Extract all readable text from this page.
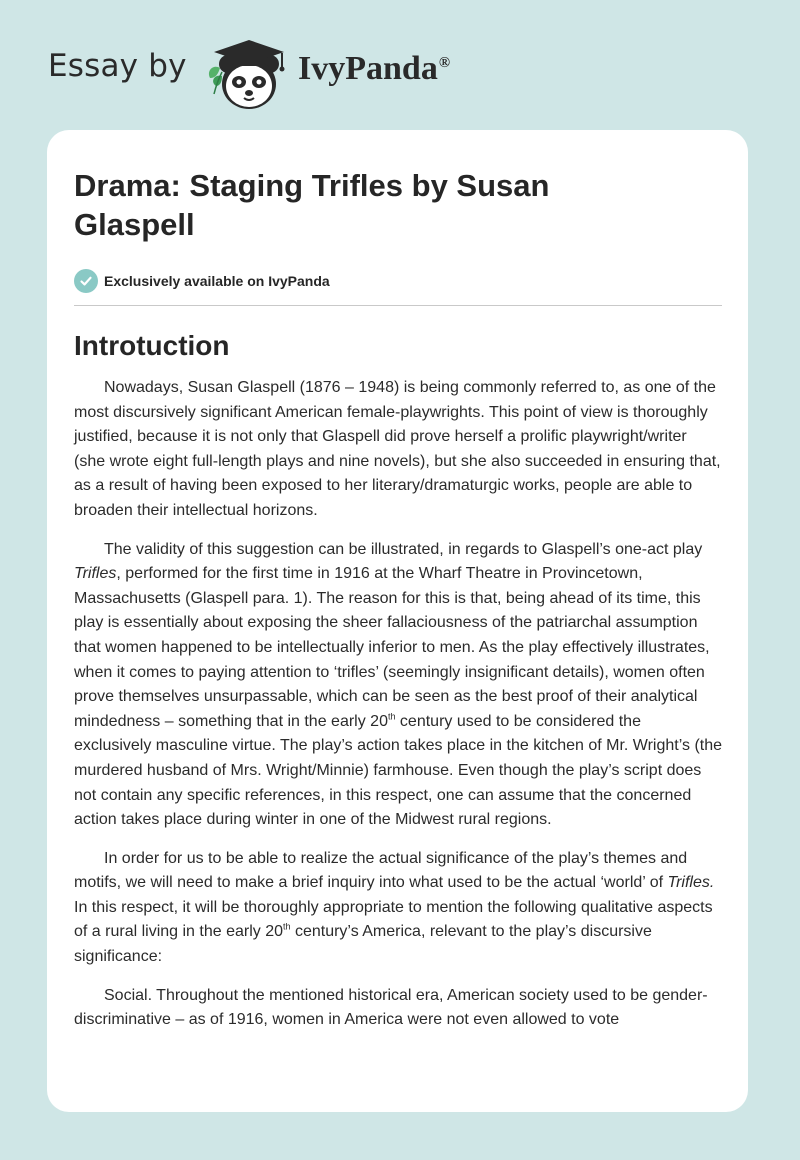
Essay by	IvyPanda®
Drama: Staging Trifles by Susan Glaspell
Exclusively available on IvyPanda
Introtuction

Nowadays, Susan Glaspell (1876 – 1948) is being commonly referred to, as one of the most discursively significant American female-playwrights. This point of view is thoroughly justified, because it is not only that Glaspell did prove herself a prolific playwright/writer (she wrote eight full-length plays and nine novels), but she also succeeded in ensuring that, as a result of having been exposed to her literary/dramaturgic works, people are able to broaden their intellectual horizons.

The validity of this suggestion can be illustrated, in regards to Glaspell’s one-act play Trifles, performed for the first time in 1916 at the Wharf Theatre in Provincetown, Massachusetts (Glaspell para. 1). The reason for this is that, being ahead of its time, this play is essentially about exposing the sheer fallaciousness of the patriarchal assumption that women happened to be intellectually inferior to men. As the play effectively illustrates, when it comes to paying attention to ‘trifles’ (seemingly insignificant details), women often prove themselves unsurpassable, which can be seen as the best proof of their analytical mindedness – something that in the early 20th century used to be considered the exclusively masculine virtue. The play’s action takes place in the kitchen of Mr. Wright’s (the murdered husband of Mrs. Wright/Minnie) farmhouse. Even though the play’s script does not contain any specific references, in this respect, one can assume that the concerned action takes place during winter in one of the Midwest rural regions.

In order for us to be able to realize the actual significance of the play’s themes and motifs, we will need to make a brief inquiry into what used to be the actual ‘world’ of Trifles. In this respect, it will be thoroughly appropriate to mention the following qualitative aspects of a rural living in the early 20th century’s America, relevant to the play’s discursive significance:

Social. Throughout the mentioned historical era, American society used to be gender-discriminative – as of 1916, women in America were not even allowed to vote
